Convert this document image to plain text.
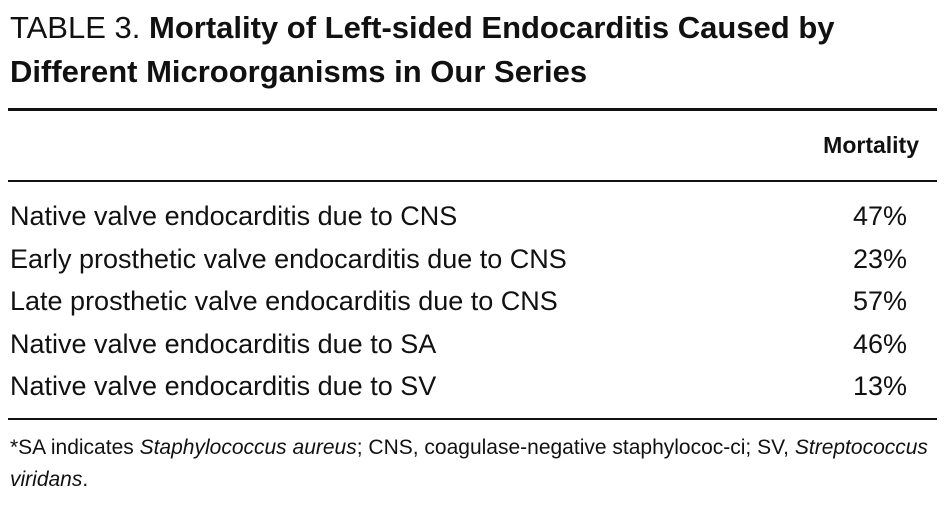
TABLE 3. Mortality of Left-sided Endocarditis Caused by Different Microorganisms in Our Series
Mortality
Native valve endocarditis due to CNS	47%
Early prosthetic valve endocarditis due to CNS	23%
Late prosthetic valve endocarditis due to CNS	57%
Native valve endocarditis due to SA	46%
Native valve endocarditis due to SV	13%

*SA indicates Staphylococcus aureus; CNS, coagulase-negative staphylococ-ci; SV, Streptococcus viridans.
